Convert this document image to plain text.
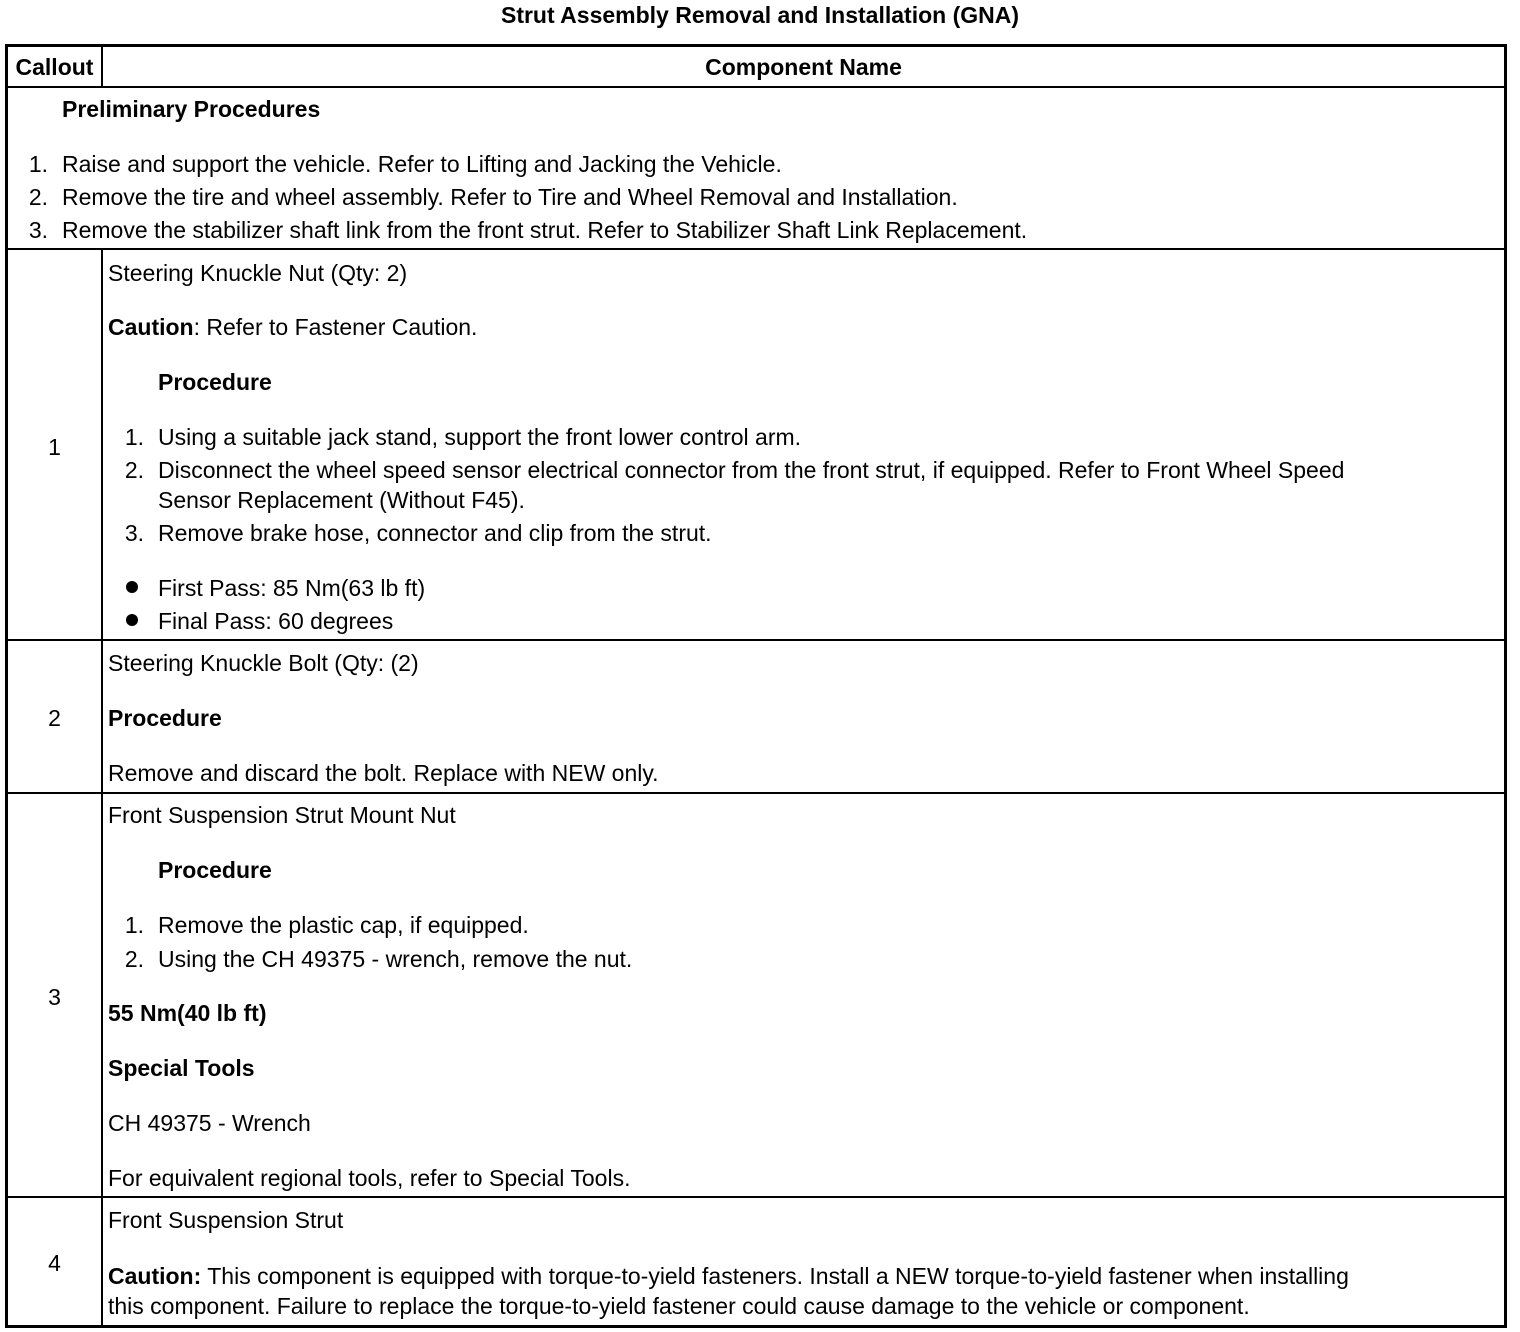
Strut Assembly Removal and Installation (GNA)
Callout	Component Name
Preliminary Procedures
1. Raise and support the vehicle. Refer to Lifting and Jacking the Vehicle.
2. Remove the tire and wheel assembly. Refer to Tire and Wheel Removal and Installation.
3. Remove the stabilizer shaft link from the front strut. Refer to Stabilizer Shaft Link Replacement.
1
Steering Knuckle Nut (Qty: 2)
Caution: Refer to Fastener Caution.
Procedure
1. Using a suitable jack stand, support the front lower control arm.
2. Disconnect the wheel speed sensor electrical connector from the front strut, if equipped. Refer to Front Wheel Speed
Sensor Replacement (Without F45).
3. Remove brake hose, connector and clip from the strut.
First Pass: 85 Nm(63 lb ft)
Final Pass: 60 degrees
2
Steering Knuckle Bolt (Qty: (2)
Procedure
Remove and discard the bolt. Replace with NEW only.
3
Front Suspension Strut Mount Nut
Procedure
1. Remove the plastic cap, if equipped.
2. Using the CH 49375 - wrench, remove the nut.
55 Nm(40 lb ft)
Special Tools
CH 49375 - Wrench
For equivalent regional tools, refer to Special Tools.
4
Front Suspension Strut
Caution: This component is equipped with torque-to-yield fasteners. Install a NEW torque-to-yield fastener when installing
this component. Failure to replace the torque-to-yield fastener could cause damage to the vehicle or component.
